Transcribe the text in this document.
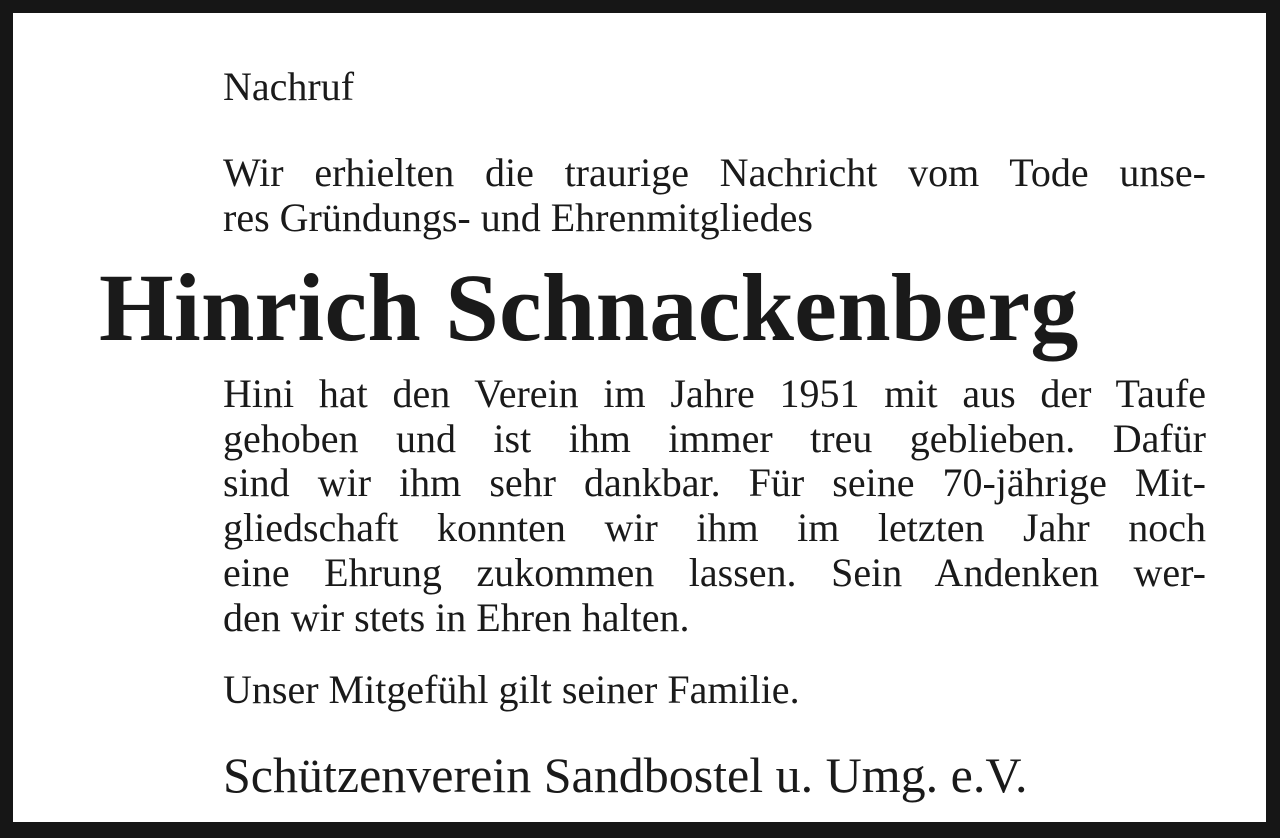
Nachruf

Wir erhielten die traurige Nachricht vom Tode unse-
res Gründungs- und Ehrenmitgliedes
Hinrich Schnackenberg
Hini hat den Verein im Jahre 1951 mit aus der Taufe
gehoben und ist ihm immer treu geblieben. Dafür
sind wir ihm sehr dankbar. Für seine 70-jährige Mit-
gliedschaft konnten wir ihm im letzten Jahr noch
eine Ehrung zukommen lassen. Sein Andenken wer-
den wir stets in Ehren halten.

Unser Mitgefühl gilt seiner Familie.

Schützenverein Sandbostel u. Umg. e.V.
